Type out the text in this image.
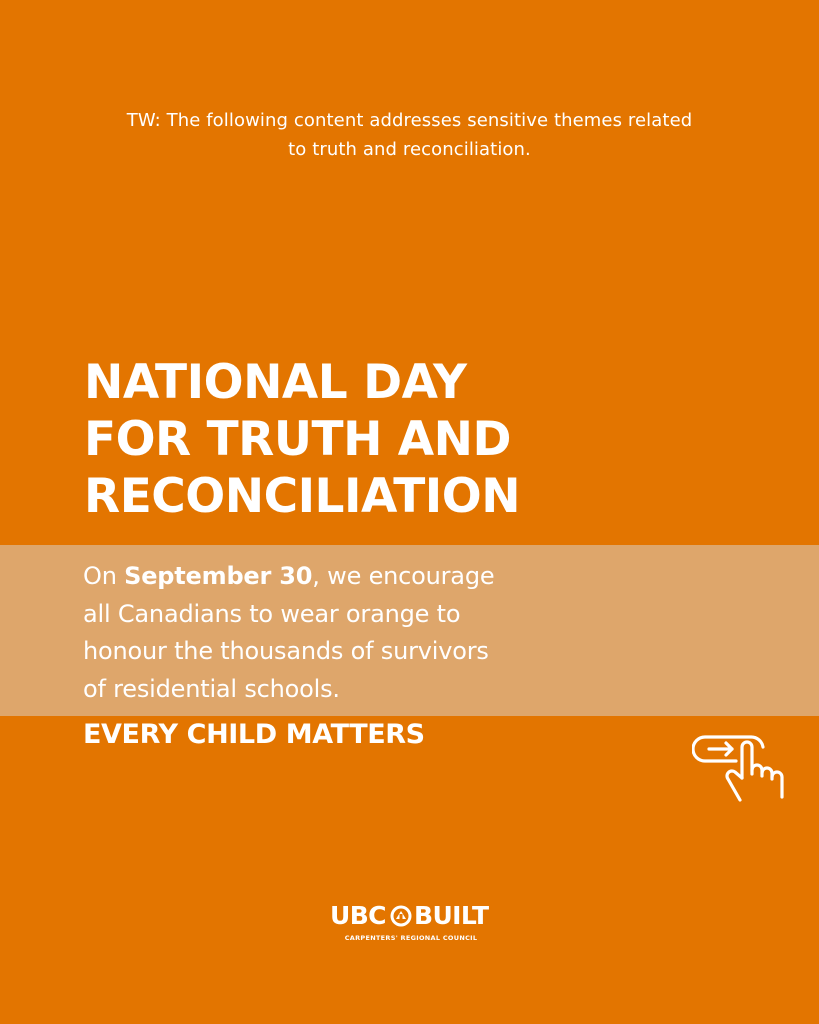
TW: The following content addresses sensitive themes related
to truth and reconciliation.
NATIONAL DAY
FOR TRUTH AND
RECONCILIATION
On September 30, we encourage
all Canadians to wear orange to
honour the thousands of survivors
of residential schools.
EVERY CHILD MATTERS
UBC BUILT
CARPENTERS' REGIONAL COUNCIL
